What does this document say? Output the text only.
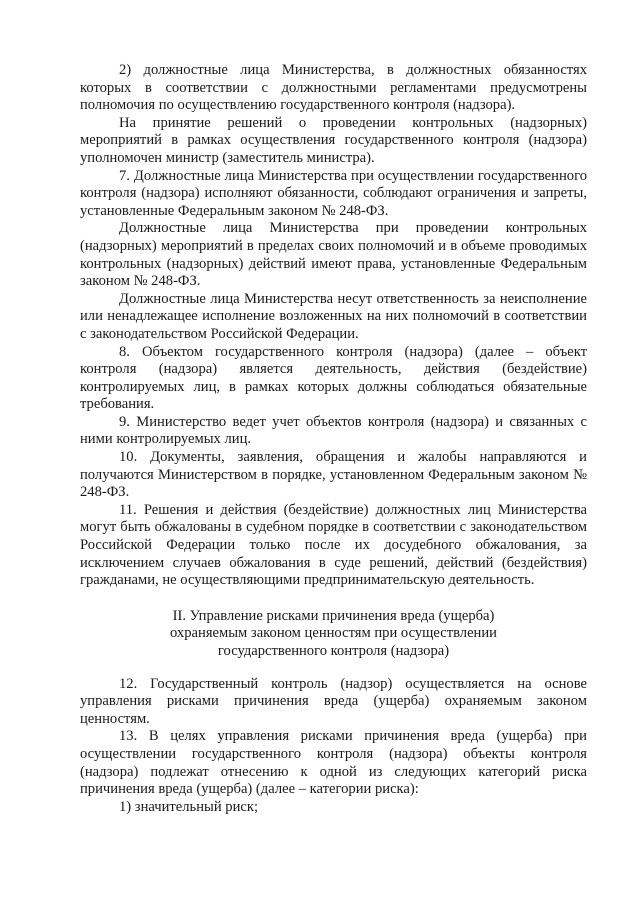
2) должностные лица Министерства, в должностных обязанностях которых в соответствии с должностными регламентами предусмотрены полномочия по осуществлению государственного контроля (надзора).

На принятие решений о проведении контрольных (надзорных) мероприятий в рамках осуществления государственного контроля (надзора) уполномочен министр (заместитель министра).

7. Должностные лица Министерства при осуществлении государственного контроля (надзора) исполняют обязанности, соблюдают ограничения и запреты, установленные Федеральным законом № 248-ФЗ.

Должностные лица Министерства при проведении контрольных (надзорных) мероприятий в пределах своих полномочий и в объеме проводимых контрольных (надзорных) действий имеют права, установленные Федеральным законом № 248-ФЗ.

Должностные лица Министерства несут ответственность за неисполнение или ненадлежащее исполнение возложенных на них полномочий в соответствии с законодательством Российской Федерации.

8. Объектом государственного контроля (надзора) (далее – объект контроля (надзора) является деятельность, действия (бездействие) контролируемых лиц, в рамках которых должны соблюдаться обязательные требования.

9. Министерство ведет учет объектов контроля (надзора) и связанных с ними контролируемых лиц.

10. Документы, заявления, обращения и жалобы направляются и получаются Министерством в порядке, установленном Федеральным законом № 248-ФЗ.

11. Решения и действия (бездействие) должностных лиц Министерства могут быть обжалованы в судебном порядке в соответствии с законодательством Российской Федерации только после их досудебного обжалования, за исключением случаев обжалования в суде решений, действий (бездействия) гражданами, не осуществляющими предпринимательскую деятельность.

II. Управление рисками причинения вреда (ущерба)
охраняемым законом ценностям при осуществлении
государственного контроля (надзора)

12. Государственный контроль (надзор) осуществляется на основе управления рисками причинения вреда (ущерба) охраняемым законом ценностям.

13. В целях управления рисками причинения вреда (ущерба) при осуществлении государственного контроля (надзора) объекты контроля (надзора) подлежат отнесению к одной из следующих категорий риска причинения вреда (ущерба) (далее – категории риска):

1) значительный риск;
